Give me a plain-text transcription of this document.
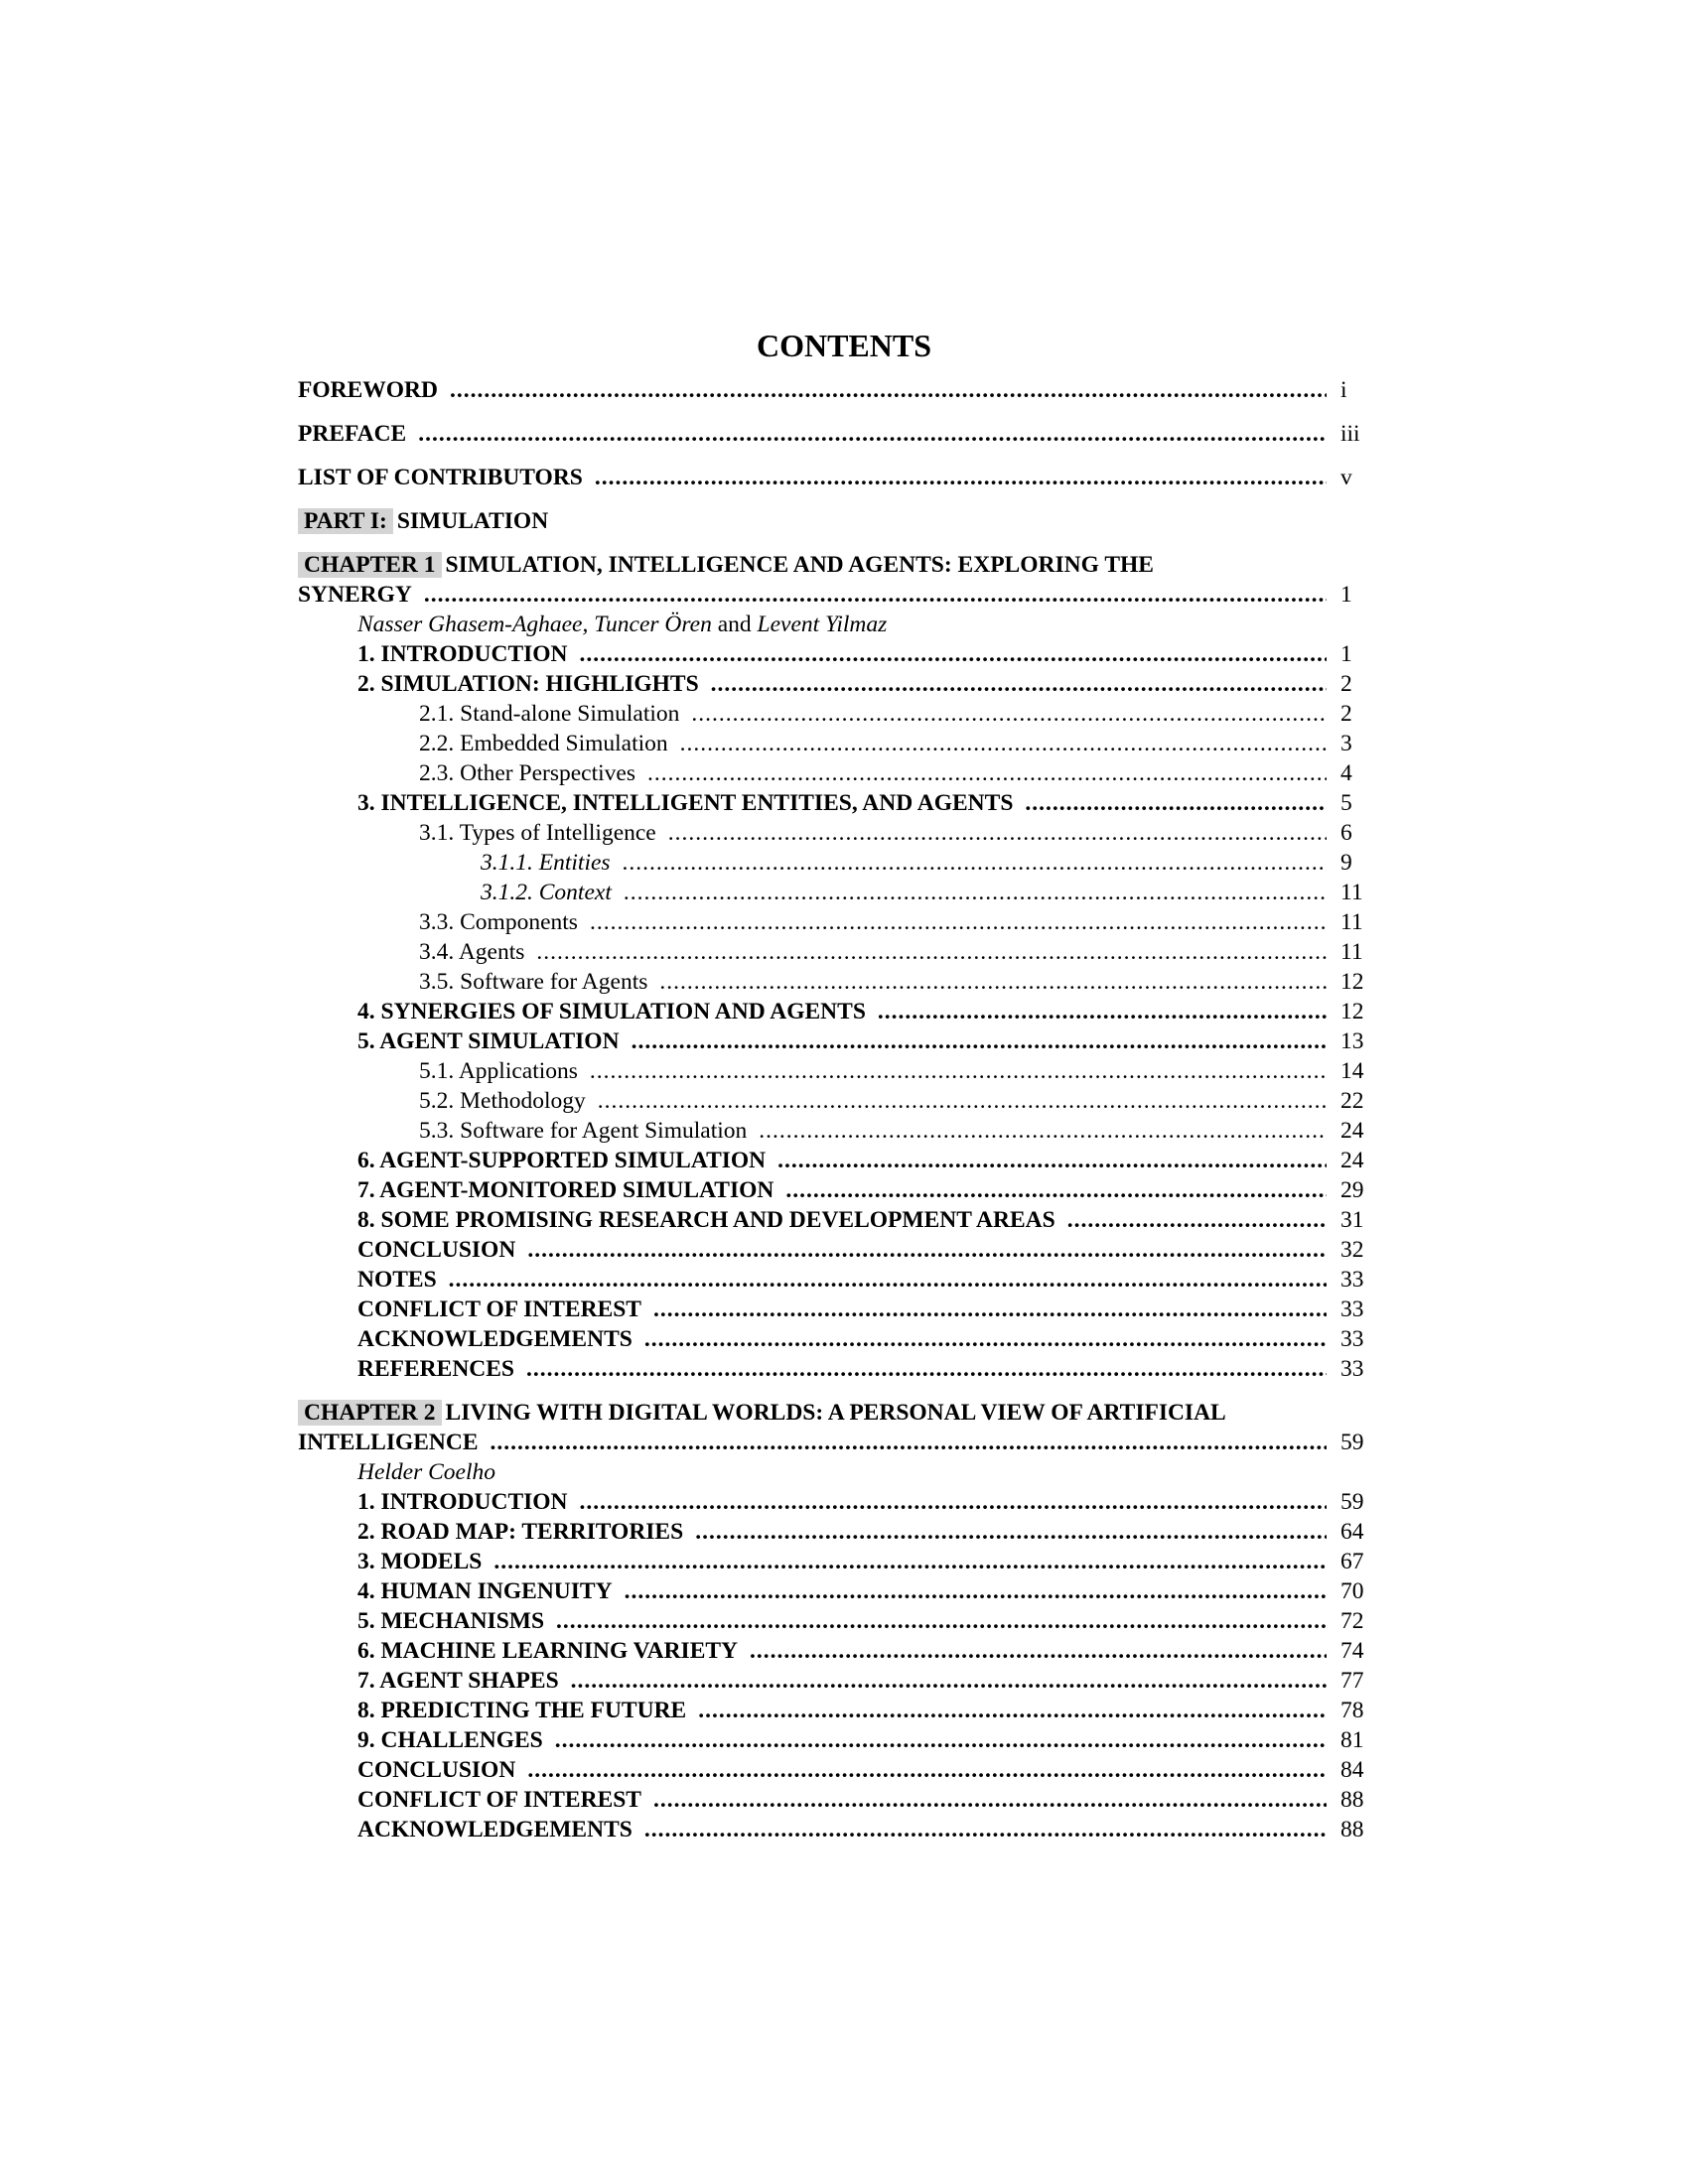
CONTENTS
FOREWORD .....	i
PREFACE .....	iii
LIST OF CONTRIBUTORS .....	v
PART I: SIMULATION
CHAPTER 1 SIMULATION, INTELLIGENCE AND AGENTS: EXPLORING THE
SYNERGY .....	1
Nasser Ghasem-Aghaee, Tuncer Ören and Levent Yilmaz
1. INTRODUCTION .....	1
2. SIMULATION: HIGHLIGHTS .....	2
2.1. Stand-alone Simulation .....	2
2.2. Embedded Simulation .....	3
2.3. Other Perspectives .....	4
3. INTELLIGENCE, INTELLIGENT ENTITIES, AND AGENTS .....	5
3.1. Types of Intelligence .....	6
3.1.1. Entities .....	9
3.1.2. Context .....	11
3.3. Components .....	11
3.4. Agents .....	11
3.5. Software for Agents .....	12
4. SYNERGIES OF SIMULATION AND AGENTS .....	12
5. AGENT SIMULATION .....	13
5.1. Applications .....	14
5.2. Methodology .....	22
5.3. Software for Agent Simulation .....	24
6. AGENT-SUPPORTED SIMULATION .....	24
7. AGENT-MONITORED SIMULATION .....	29
8. SOME PROMISING RESEARCH AND DEVELOPMENT AREAS .....	31
CONCLUSION .....	32
NOTES .....	33
CONFLICT OF INTEREST .....	33
ACKNOWLEDGEMENTS .....	33
REFERENCES .....	33
CHAPTER 2 LIVING WITH DIGITAL WORLDS: A PERSONAL VIEW OF ARTIFICIAL
INTELLIGENCE .....	59
Helder Coelho
1. INTRODUCTION .....	59
2. ROAD MAP: TERRITORIES .....	64
3. MODELS .....	67
4. HUMAN INGENUITY .....	70
5. MECHANISMS .....	72
6. MACHINE LEARNING VARIETY .....	74
7. AGENT SHAPES .....	77
8. PREDICTING THE FUTURE .....	78
9. CHALLENGES .....	81
CONCLUSION .....	84
CONFLICT OF INTEREST .....	88
ACKNOWLEDGEMENTS .....	88
